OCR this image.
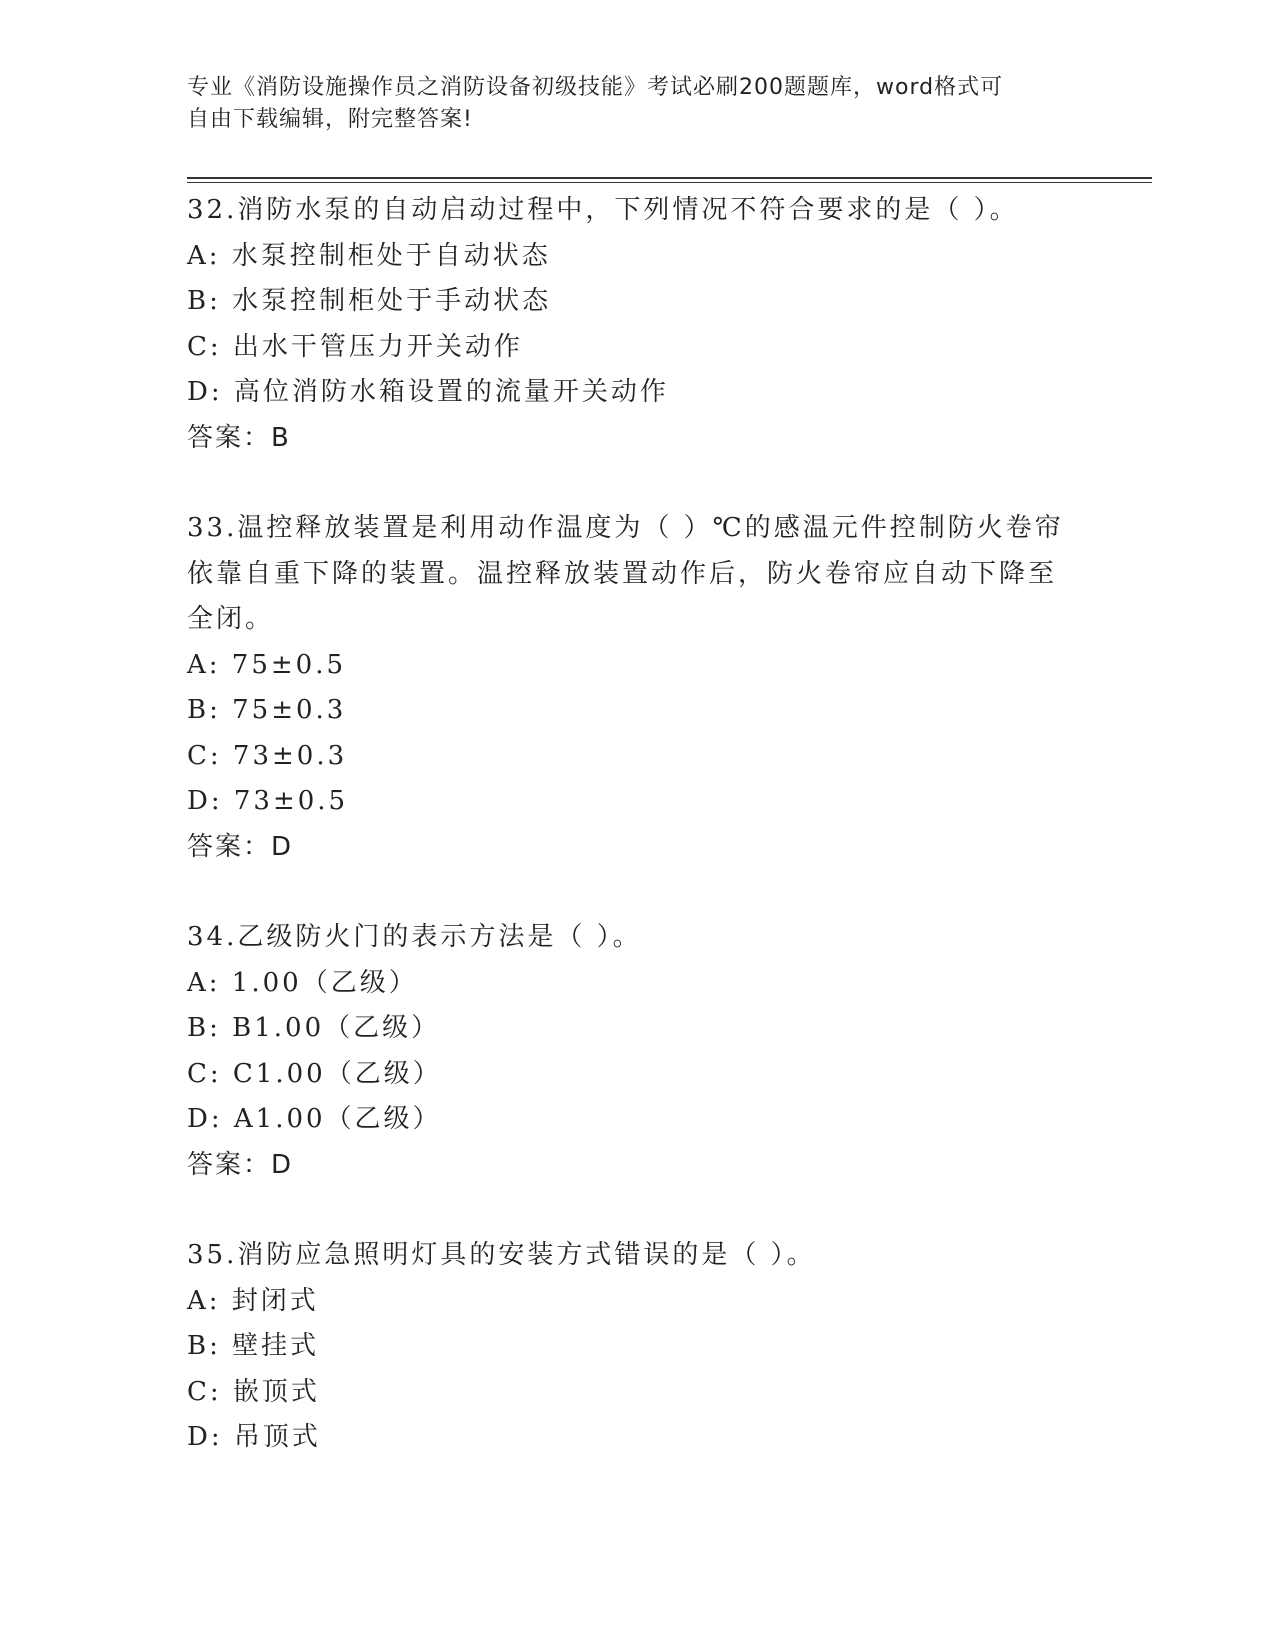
专业《消防设施操作员之消防设备初级技能》考试必刷200题题库，word格式可
自由下载编辑，附完整答案!
32.消防水泵的自动启动过程中，下列情况不符合要求的是（ ）。
A: 水泵控制柜处于自动状态
B: 水泵控制柜处于手动状态
C: 出水干管压力开关动作
D: 高位消防水箱设置的流量开关动作
答案：B
33.温控释放装置是利用动作温度为（ ）℃的感温元件控制防火卷帘
依靠自重下降的装置。温控释放装置动作后，防火卷帘应自动下降至
全闭。
A: 75±0.5
B: 75±0.3
C: 73±0.3
D: 73±0.5
答案：D
34.乙级防火门的表示方法是（ ）。
A: 1.00（乙级）
B: B1.00（乙级）
C: C1.00（乙级）
D: A1.00（乙级）
答案：D
35.消防应急照明灯具的安装方式错误的是（ ）。
A: 封闭式
B: 壁挂式
C: 嵌顶式
D: 吊顶式
